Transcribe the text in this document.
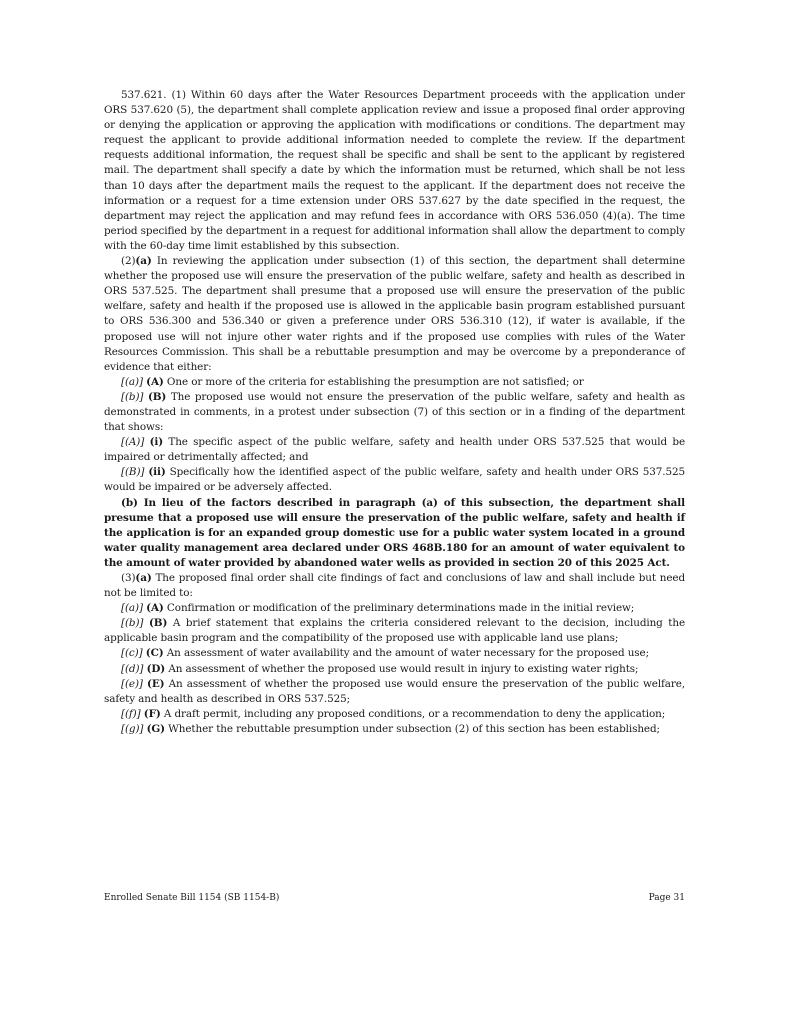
537.621. (1) Within 60 days after the Water Resources Department proceeds with the application under ORS 537.620 (5), the department shall complete application review and issue a proposed final order approving or denying the application or approving the application with modifications or conditions. The department may request the applicant to provide additional information needed to complete the review. If the department requests additional information, the request shall be specific and shall be sent to the applicant by registered mail. The department shall specify a date by which the information must be returned, which shall be not less than 10 days after the department mails the request to the applicant. If the department does not receive the information or a request for a time extension under ORS 537.627 by the date specified in the request, the department may reject the application and may refund fees in accordance with ORS 536.050 (4)(a). The time period specified by the department in a request for additional information shall allow the department to comply with the 60-day time limit established by this subsection.

(2)(a) In reviewing the application under subsection (1) of this section, the department shall determine whether the proposed use will ensure the preservation of the public welfare, safety and health as described in ORS 537.525. The department shall presume that a proposed use will ensure the preservation of the public welfare, safety and health if the proposed use is allowed in the applicable basin program established pursuant to ORS 536.300 and 536.340 or given a preference under ORS 536.310 (12), if water is available, if the proposed use will not injure other water rights and if the proposed use complies with rules of the Water Resources Commission. This shall be a rebuttable presumption and may be overcome by a preponderance of evidence that either:

[(a)] (A) One or more of the criteria for establishing the presumption are not satisfied; or

[(b)] (B) The proposed use would not ensure the preservation of the public welfare, safety and health as demonstrated in comments, in a protest under subsection (7) of this section or in a finding of the department that shows:

[(A)] (i) The specific aspect of the public welfare, safety and health under ORS 537.525 that would be impaired or detrimentally affected; and

[(B)] (ii) Specifically how the identified aspect of the public welfare, safety and health under ORS 537.525 would be impaired or be adversely affected.

(b) In lieu of the factors described in paragraph (a) of this subsection, the department shall presume that a proposed use will ensure the preservation of the public welfare, safety and health if the application is for an expanded group domestic use for a public water system located in a ground water quality management area declared under ORS 468B.180 for an amount of water equivalent to the amount of water provided by abandoned water wells as provided in section 20 of this 2025 Act.

(3)(a) The proposed final order shall cite findings of fact and conclusions of law and shall include but need not be limited to:

[(a)] (A) Confirmation or modification of the preliminary determinations made in the initial review;

[(b)] (B) A brief statement that explains the criteria considered relevant to the decision, including the applicable basin program and the compatibility of the proposed use with applicable land use plans;

[(c)] (C) An assessment of water availability and the amount of water necessary for the proposed use;

[(d)] (D) An assessment of whether the proposed use would result in injury to existing water rights;

[(e)] (E) An assessment of whether the proposed use would ensure the preservation of the public welfare, safety and health as described in ORS 537.525;

[(f)] (F) A draft permit, including any proposed conditions, or a recommendation to deny the application;

[(g)] (G) Whether the rebuttable presumption under subsection (2) of this section has been established;

Enrolled Senate Bill 1154 (SB 1154-B)	Page 31
